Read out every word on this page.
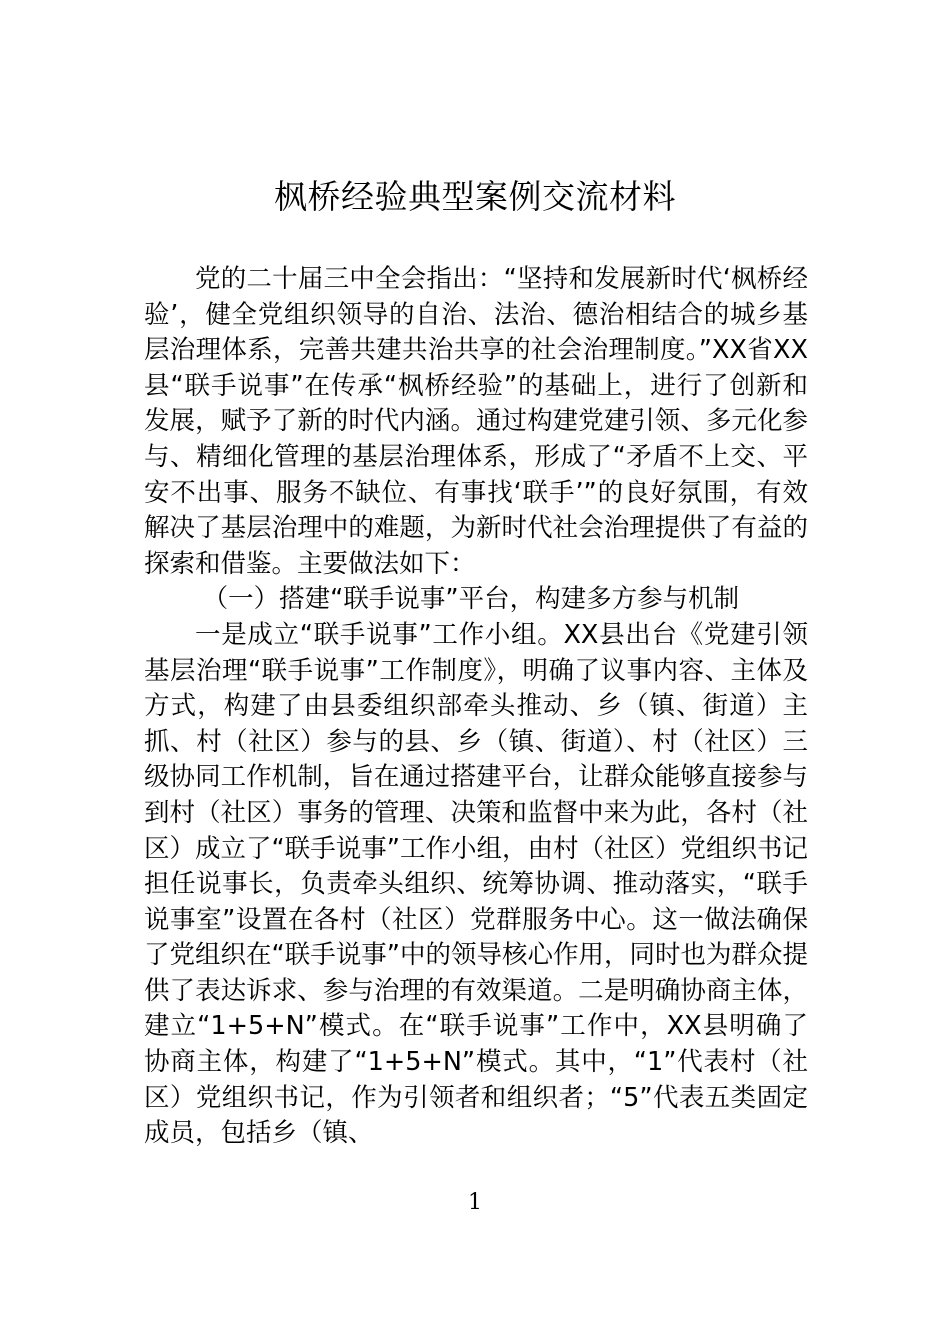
枫桥经验典型案例交流材料

党的二十届三中全会指出：“坚持和发展新时代‘枫桥经验’，健全党组织领导的自治、法治、德治相结合的城乡基层治理体系，完善共建共治共享的社会治理制度。”XX省XX县“联手说事”在传承“枫桥经验”的基础上，进行了创新和发展，赋予了新的时代内涵。通过构建党建引领、多元化参与、精细化管理的基层治理体系，形成了“矛盾不上交、平安不出事、服务不缺位、有事找‘联手’”的良好氛围，有效解决了基层治理中的难题，为新时代社会治理提供了有益的探索和借鉴。主要做法如下：

（一）搭建“联手说事”平台，构建多方参与机制

一是成立“联手说事”工作小组。XX县出台《党建引领基层治理“联手说事”工作制度》，明确了议事内容、主体及方式，构建了由县委组织部牵头推动、乡（镇、街道）主抓、村（社区）参与的县、乡（镇、街道）、村（社区）三级协同工作机制，旨在通过搭建平台，让群众能够直接参与到村（社区）事务的管理、决策和监督中来为此，各村（社区）成立了“联手说事”工作小组，由村（社区）党组织书记担任说事长，负责牵头组织、统筹协调、推动落实，“联手说事室”设置在各村（社区）党群服务中心。这一做法确保了党组织在“联手说事”中的领导核心作用，同时也为群众提供了表达诉求、参与治理的有效渠道。二是明确协商主体，建立“1+5+N”模式。在“联手说事”工作中，XX县明确了协商主体，构建了“1+5+N”模式。其中，“1”代表村（社区）党组织书记，作为引领者和组织者；“5”代表五类固定成员，包括乡（镇、

1
